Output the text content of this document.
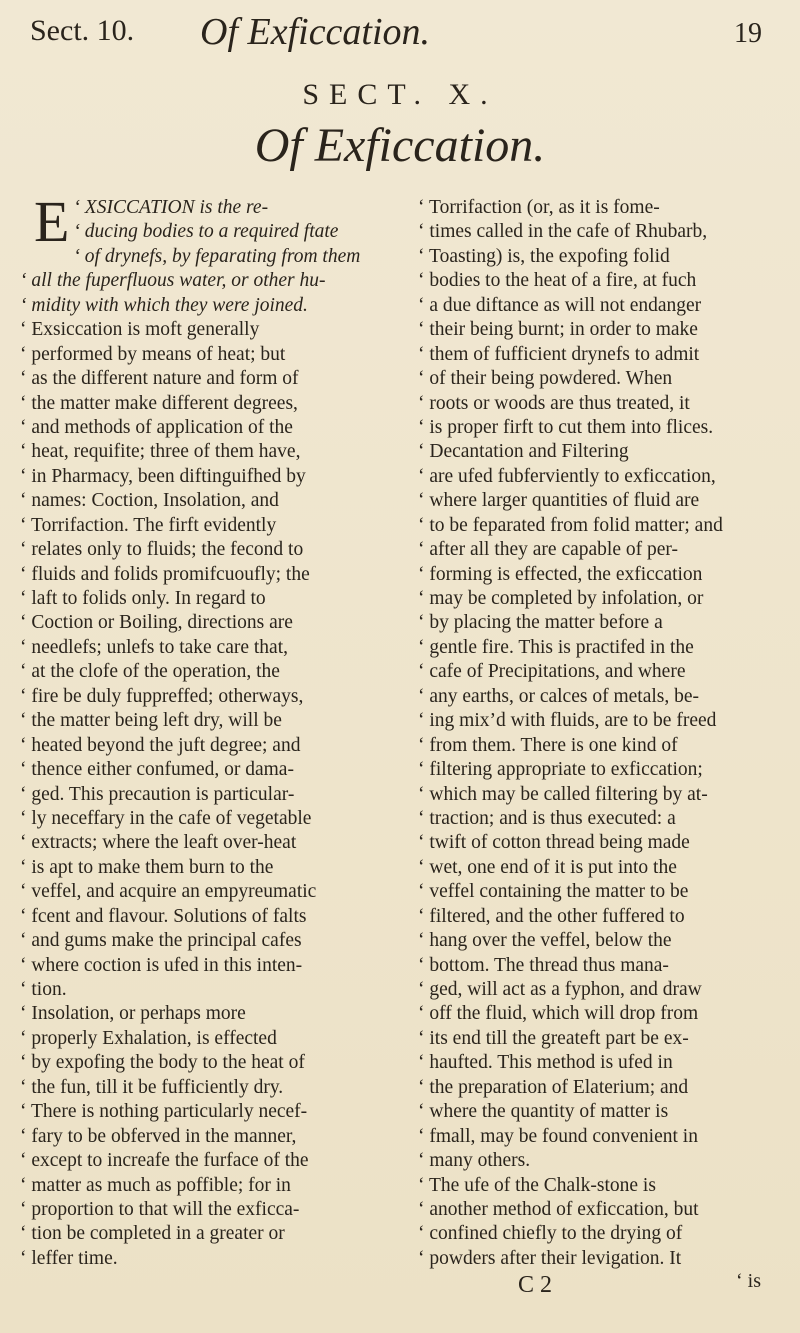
Sect. 10. Of Exficcation.	19
SECT. X.
Of Exficcation.
E ‘ XSICCATION is the re-
‘ ducing bodies to a required ftate
‘ of drynefs, by feparating from them
‘ all the fuperfluous water, or other hu-
‘ midity with which they were joined.
‘ Exsiccation is moft generally
‘ performed by means of heat; but
‘ as the different nature and form of
‘ the matter make different degrees,
‘ and methods of application of the
‘ heat, requifite; three of them have,
‘ in Pharmacy, been diftinguifhed by
‘ names: Coction, Insolation, and
‘ Torrifaction. The firft evidently
‘ relates only to fluids; the fecond to
‘ fluids and folids promifcuoufly; the
‘ laft to folids only. In regard to
‘ Coction or Boiling, directions are
‘ needlefs; unlefs to take care that,
‘ at the clofe of the operation, the
‘ fire be duly fuppreffed; otherways,
‘ the matter being left dry, will be
‘ heated beyond the juft degree; and
‘ thence either confumed, or dama-
‘ ged. This precaution is particular-
‘ ly neceffary in the cafe of vegetable
‘ extracts; where the leaft over-heat
‘ is apt to make them burn to the
‘ veffel, and acquire an empyreumatic
‘ fcent and flavour. Solutions of falts
‘ and gums make the principal cafes
‘ where coction is ufed in this inten-
‘ tion.
‘ Insolation, or perhaps more
‘ properly Exhalation, is effected
‘ by expofing the body to the heat of
‘ the fun, till it be fufficiently dry.
‘ There is nothing particularly necef-
‘ fary to be obferved in the manner,
‘ except to increafe the furface of the
‘ matter as much as poffible; for in
‘ proportion to that will the exficca-
‘ tion be completed in a greater or
‘ leffer time.
‘ Torrifaction (or, as it is fome-
‘ times called in the cafe of Rhubarb,
‘ Toasting) is, the expofing folid
‘ bodies to the heat of a fire, at fuch
‘ a due diftance as will not endanger
‘ their being burnt; in order to make
‘ them of fufficient drynefs to admit
‘ of their being powdered. When
‘ roots or woods are thus treated, it
‘ is proper firft to cut them into flices.
‘ Decantation and Filtering
‘ are ufed fubferviently to exficcation,
‘ where larger quantities of fluid are
‘ to be feparated from folid matter; and
‘ after all they are capable of per-
‘ forming is effected, the exficcation
‘ may be completed by infolation, or
‘ by placing the matter before a
‘ gentle fire. This is practifed in the
‘ cafe of Precipitations, and where
‘ any earths, or calces of metals, be-
‘ ing mix’d with fluids, are to be freed
‘ from them. There is one kind of
‘ filtering appropriate to exficcation;
‘ which may be called filtering by at-
‘ traction; and is thus executed: a
‘ twift of cotton thread being made
‘ wet, one end of it is put into the
‘ veffel containing the matter to be
‘ filtered, and the other fuffered to
‘ hang over the veffel, below the
‘ bottom. The thread thus mana-
‘ ged, will act as a fyphon, and draw
‘ off the fluid, which will drop from
‘ its end till the greateft part be ex-
‘ haufted. This method is ufed in
‘ the preparation of Elaterium; and
‘ where the quantity of matter is
‘ fmall, may be found convenient in
‘ many others.
‘ The ufe of the Chalk-stone is
‘ another method of exficcation, but
‘ confined chiefly to the drying of
‘ powders after their levigation. It
C 2	‘ is
